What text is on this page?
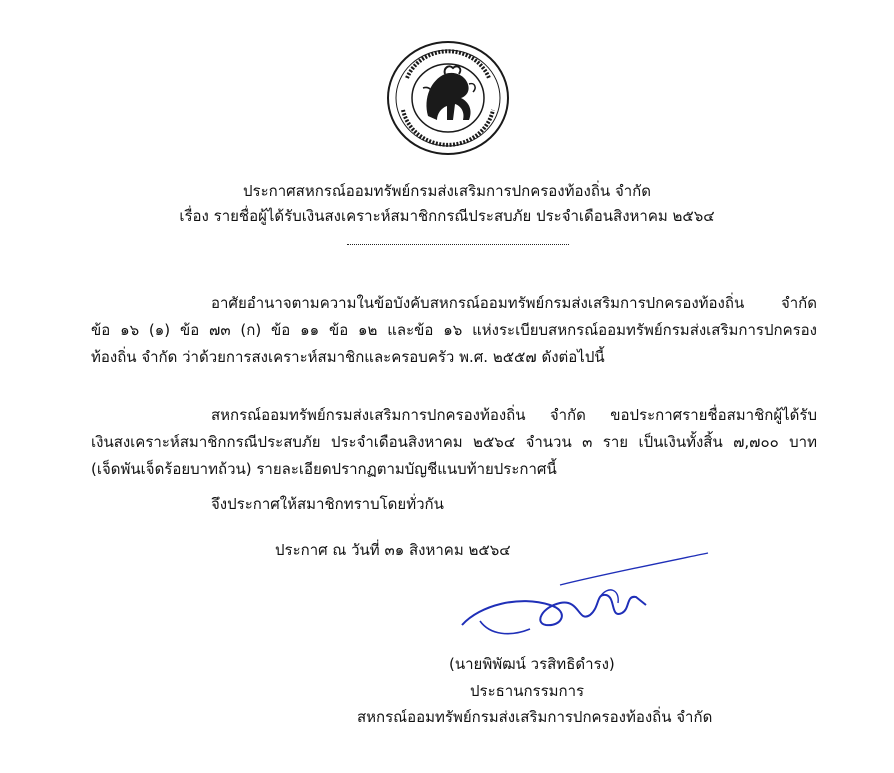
ประกาศสหกรณ์ออมทรัพย์กรมส่งเสริมการปกครองท้องถิ่น จำกัด
เรื่อง รายชื่อผู้ได้รับเงินสงเคราะห์สมาชิกกรณีประสบภัย ประจำเดือนสิงหาคม ๒๕๖๔
อาศัยอำนาจตามความในข้อบังคับสหกรณ์ออมทรัพย์กรมส่งเสริมการปกครองท้องถิ่น จำกัด
ข้อ ๑๖ (๑) ข้อ ๗๓ (ก) ข้อ ๑๑ ข้อ ๑๒ และข้อ ๑๖ แห่งระเบียบสหกรณ์ออมทรัพย์กรมส่งเสริมการปกครอง
ท้องถิ่น จำกัด ว่าด้วยการสงเคราะห์สมาชิกและครอบครัว พ.ศ. ๒๕๕๗ ดังต่อไปนี้
สหกรณ์ออมทรัพย์กรมส่งเสริมการปกครองท้องถิ่น จำกัด ขอประกาศรายชื่อสมาชิกผู้ได้รับ
เงินสงเคราะห์สมาชิกกรณีประสบภัย ประจำเดือนสิงหาคม ๒๕๖๔ จำนวน ๓ ราย เป็นเงินทั้งสิ้น ๗,๗๐๐ บาท
(เจ็ดพันเจ็ดร้อยบาทถ้วน) รายละเอียดปรากฏตามบัญชีแนบท้ายประกาศนี้
จึงประกาศให้สมาชิกทราบโดยทั่วกัน
ประกาศ ณ วันที่ ๓๑ สิงหาคม ๒๕๖๔
(นายพิพัฒน์ วรสิทธิดำรง)
ประธานกรรมการ
สหกรณ์ออมทรัพย์กรมส่งเสริมการปกครองท้องถิ่น จำกัด
